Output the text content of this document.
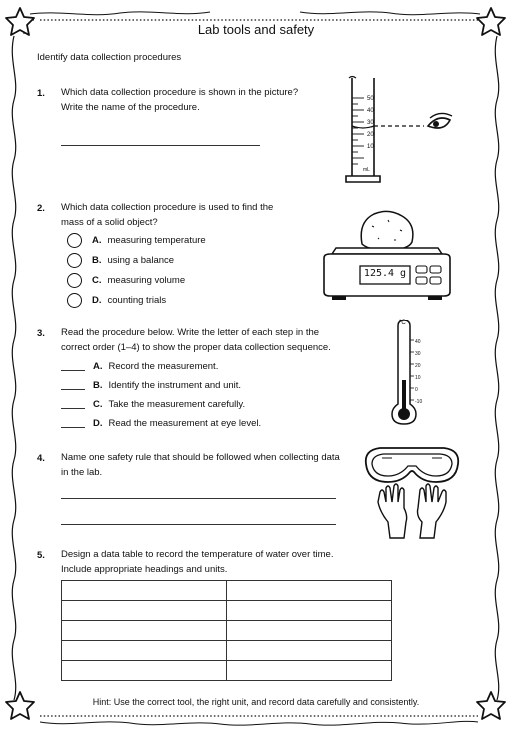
Lab tools and safety
Identify data collection procedures
1. Which data collection procedure is shown in the picture?
Write the name of the procedure.
50
40
30
20
10
mL
2. Which data collection procedure is used to find the
mass of a solid object?
A. measuring temperature
B. using a balance
C. measuring volume
D. counting trials
125.4 g
3. Read the procedure below. Write the letter of each step in the
correct order (1–4) to show the proper data collection sequence.
A. Record the measurement.
B. Identify the instrument and unit.
C. Take the measurement carefully.
D. Read the measurement at eye level.
°C
40
30
20
10
0
-10
4. Name one safety rule that should be followed when collecting data
in the lab.
5. Design a data table to record the temperature of water over time.
Include appropriate headings and units.

Hint: Use the correct tool, the right unit, and record data carefully and consistently.
